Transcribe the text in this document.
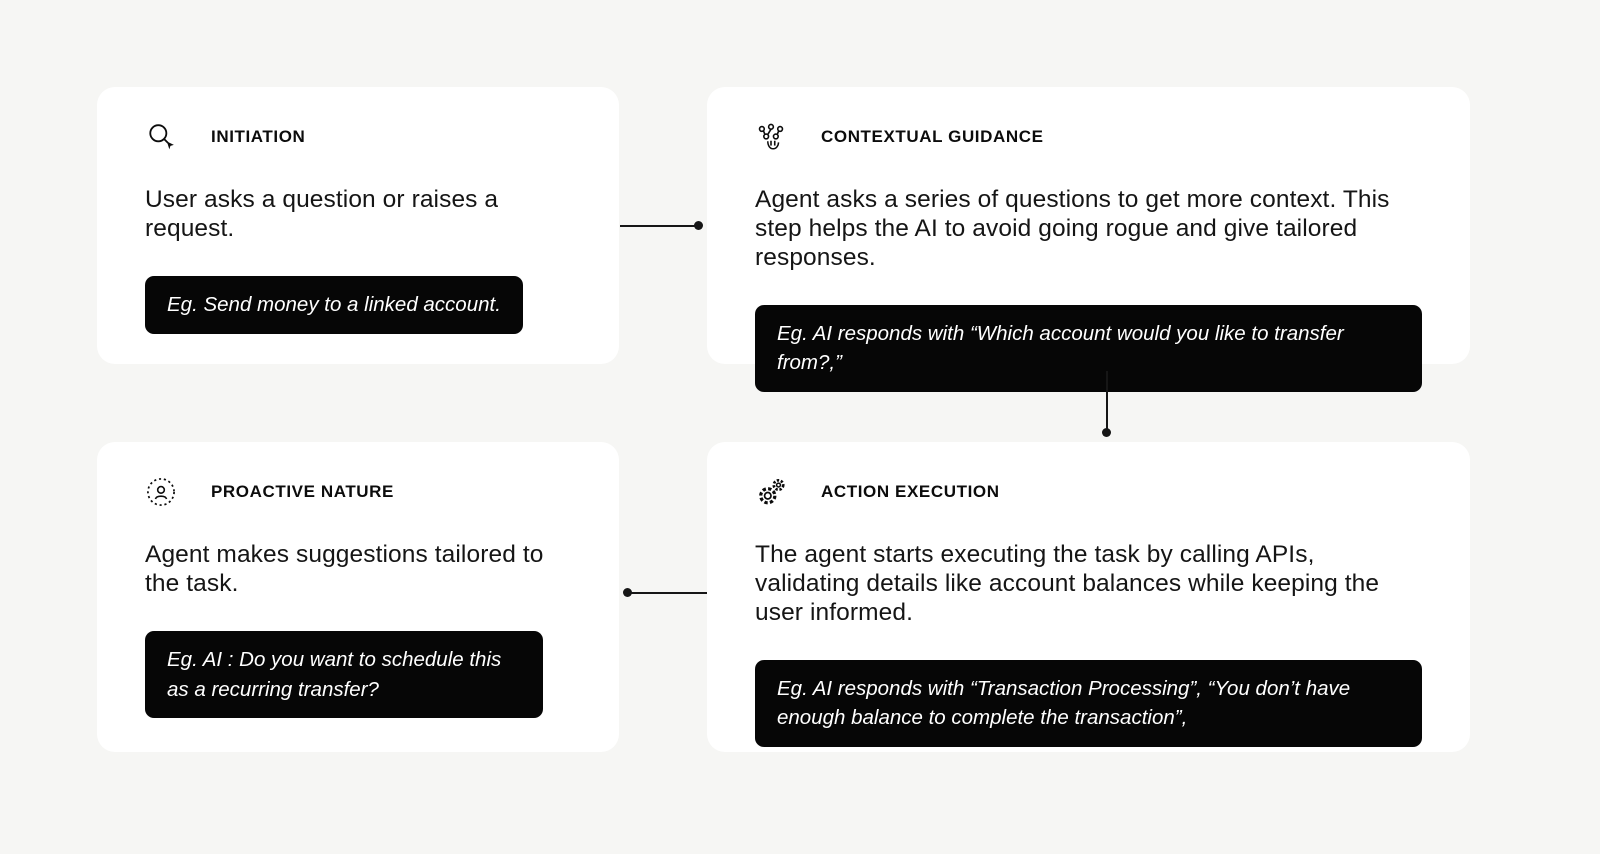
INITIATION

User asks a question or raises a request.

Eg. Send money to a linked account.
CONTEXTUAL GUIDANCE

Agent asks a series of questions to get more context. This step helps the AI to avoid going rogue and give tailored responses.

Eg. AI responds with “Which account would you like to transfer from?,”
PROACTIVE NATURE

Agent makes suggestions tailored to the task.

Eg. AI : Do you want to schedule this as a recurring transfer?
ACTION EXECUTION

The agent starts executing the task by calling APIs, validating details like account balances while keeping the user informed.

Eg. AI responds with “Transaction Processing”, “You don’t have enough balance to complete the transaction”,
